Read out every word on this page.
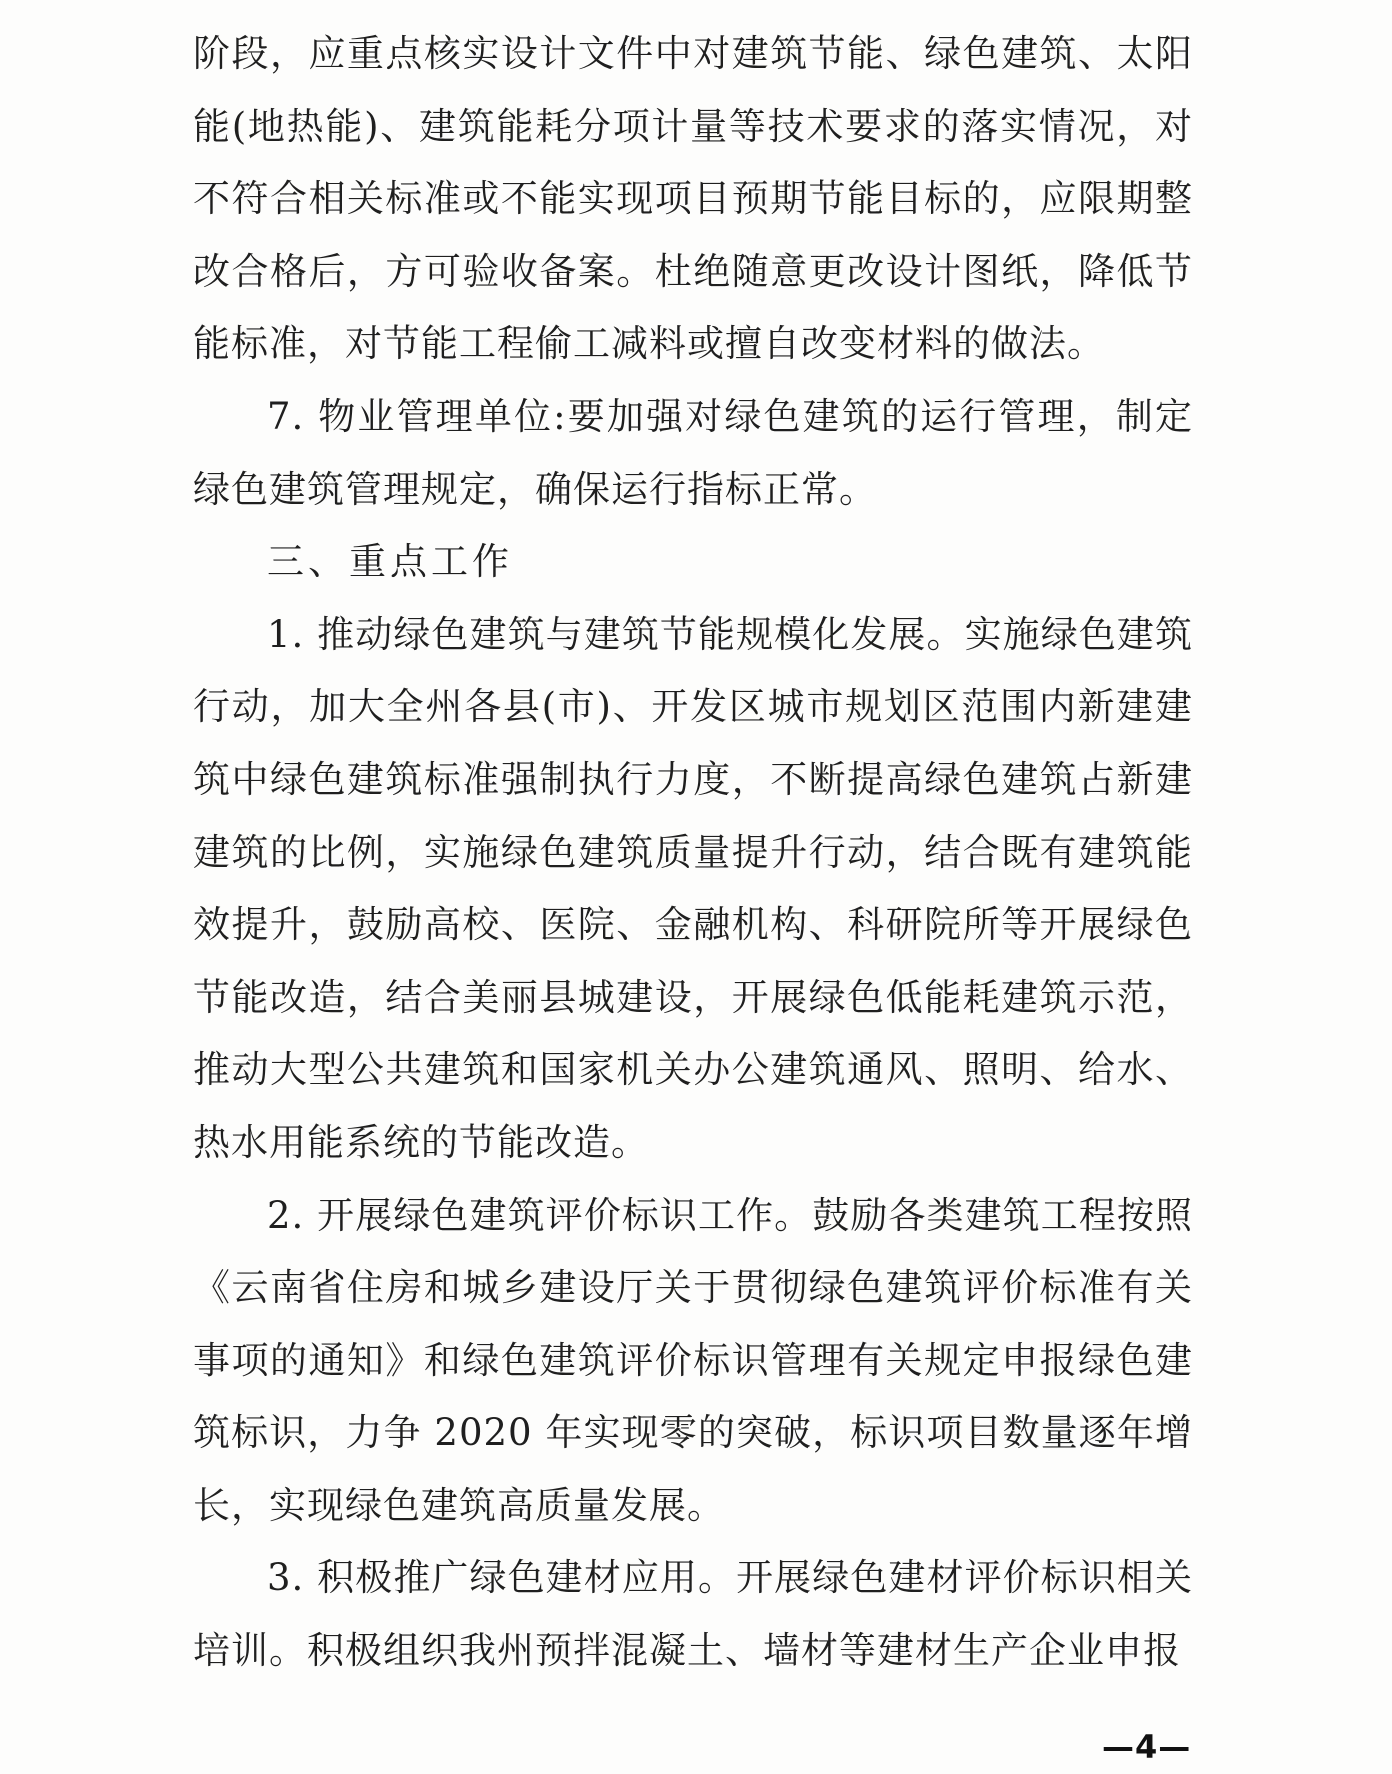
阶段，应重点核实设计文件中对建筑节能、绿色建筑、太阳能(地热能)、建筑能耗分项计量等技术要求的落实情况，对不符合相关标准或不能实现项目预期节能目标的，应限期整改合格后，方可验收备案。杜绝随意更改设计图纸，降低节能标准，对节能工程偷工减料或擅自改变材料的做法。

7. 物业管理单位:要加强对绿色建筑的运行管理，制定绿色建筑管理规定，确保运行指标正常。

三、重点工作

1. 推动绿色建筑与建筑节能规模化发展。实施绿色建筑行动，加大全州各县(市)、开发区城市规划区范围内新建建筑中绿色建筑标准强制执行力度，不断提高绿色建筑占新建建筑的比例，实施绿色建筑质量提升行动，结合既有建筑能效提升，鼓励高校、医院、金融机构、科研院所等开展绿色节能改造，结合美丽县城建设，开展绿色低能耗建筑示范，推动大型公共建筑和国家机关办公建筑通风、照明、给水、热水用能系统的节能改造。

2. 开展绿色建筑评价标识工作。鼓励各类建筑工程按照《云南省住房和城乡建设厅关于贯彻绿色建筑评价标准有关事项的通知》和绿色建筑评价标识管理有关规定申报绿色建筑标识，力争 2020 年实现零的突破，标识项目数量逐年增长，实现绿色建筑高质量发展。

3. 积极推广绿色建材应用。开展绿色建材评价标识相关培训。积极组织我州预拌混凝土、墙材等建材生产企业申报

—4—
